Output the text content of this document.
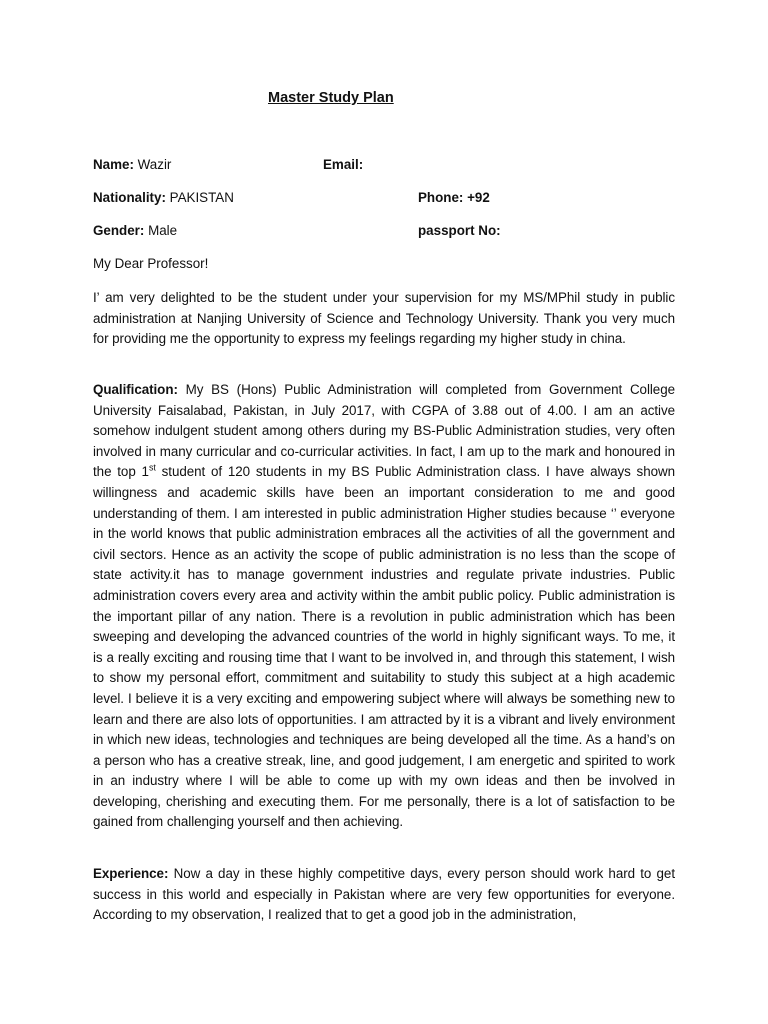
Master Study Plan
Name: Wazir	Email:
Nationality: PAKISTAN	Phone: +92
Gender: Male	passport No:
My Dear Professor!
I’ am very delighted to be the student under your supervision for my MS/MPhil study in public administration at Nanjing University of Science and Technology University. Thank you very much for providing me the opportunity to express my feelings regarding my higher study in china.
Qualification: My BS (Hons) Public Administration will completed from Government College University Faisalabad, Pakistan, in July 2017, with CGPA of 3.88 out of 4.00. I am an active somehow indulgent student among others during my BS-Public Administration studies, very often involved in many curricular and co-curricular activities. In fact, I am up to the mark and honoured in the top 1st student of 120 students in my BS Public Administration class. I have always shown willingness and academic skills have been an important consideration to me and good understanding of them. I am interested in public administration Higher studies because ‘’ everyone in the world knows that public administration embraces all the activities of all the government and civil sectors. Hence as an activity the scope of public administration is no less than the scope of state activity.it has to manage government industries and regulate private industries. Public administration covers every area and activity within the ambit public policy. Public administration is the important pillar of any nation. There is a revolution in public administration which has been sweeping and developing the advanced countries of the world in highly significant ways. To me, it is a really exciting and rousing time that I want to be involved in, and through this statement, I wish to show my personal effort, commitment and suitability to study this subject at a high academic level. I believe it is a very exciting and empowering subject where will always be something new to learn and there are also lots of opportunities. I am attracted by it is a vibrant and lively environment in which new ideas, technologies and techniques are being developed all the time. As a hand’s on a person who has a creative streak, line, and good judgement, I am energetic and spirited to work in an industry where I will be able to come up with my own ideas and then be involved in developing, cherishing and executing them. For me personally, there is a lot of satisfaction to be gained from challenging yourself and then achieving.
Experience: Now a day in these highly competitive days, every person should work hard to get success in this world and especially in Pakistan where are very few opportunities for everyone. According to my observation, I realized that to get a good job in the administration,
